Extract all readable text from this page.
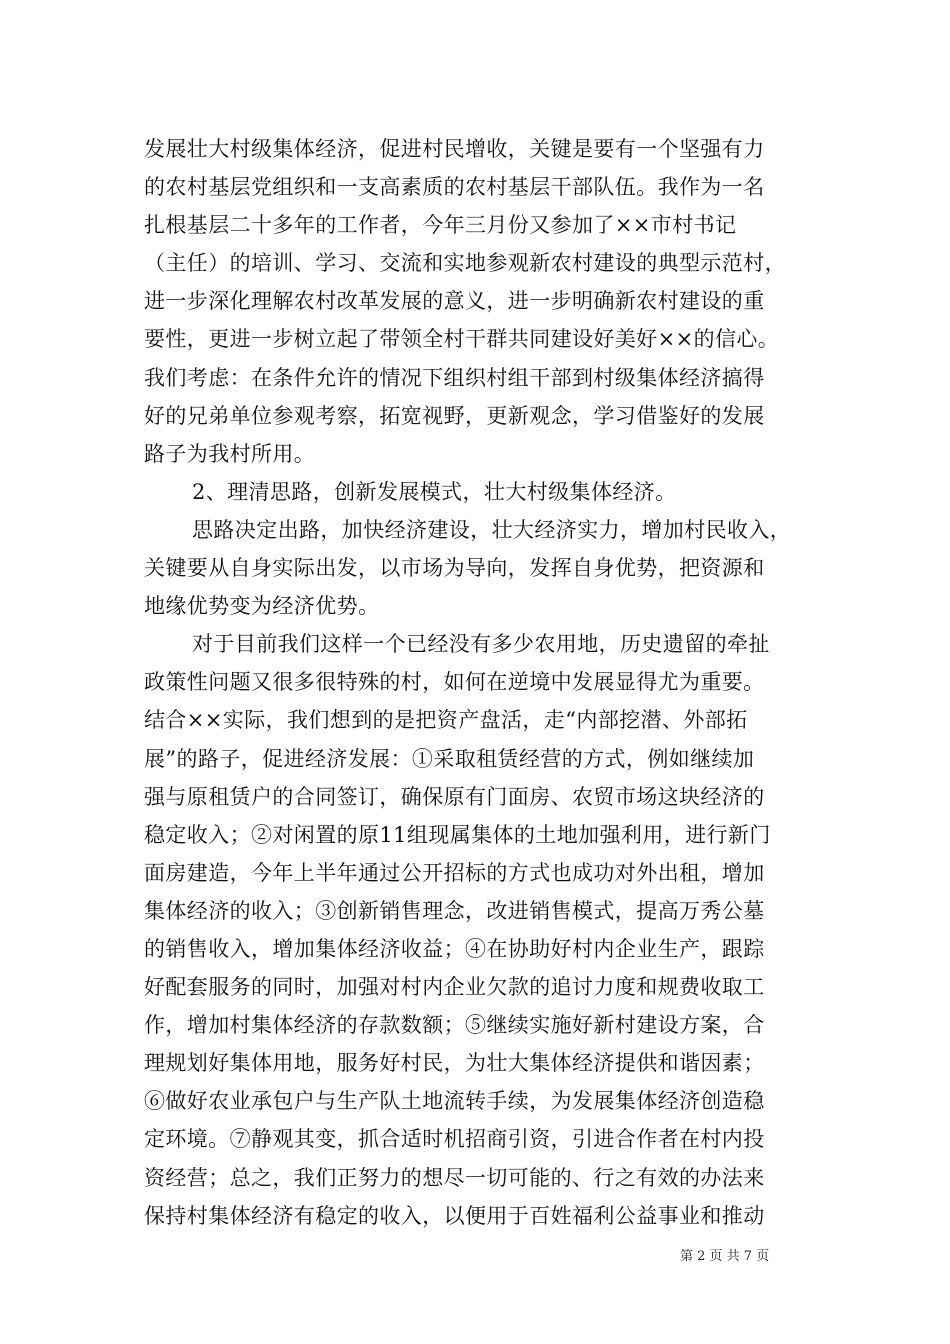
发展壮大村级集体经济，促进村民增收，关键是要有一个坚强有力
的农村基层党组织和一支高素质的农村基层干部队伍。我作为一名
扎根基层二十多年的工作者，今年三月份又参加了××市村书记
（主任）的培训、学习、交流和实地参观新农村建设的典型示范村，
进一步深化理解农村改革发展的意义，进一步明确新农村建设的重
要性，更进一步树立起了带领全村干群共同建设好美好××的信心。
我们考虑：在条件允许的情况下组织村组干部到村级集体经济搞得
好的兄弟单位参观考察，拓宽视野，更新观念，学习借鉴好的发展
路子为我村所用。
2、理清思路，创新发展模式，壮大村级集体经济。
思路决定出路，加快经济建设，壮大经济实力，增加村民收入，
关键要从自身实际出发，以市场为导向，发挥自身优势，把资源和
地缘优势变为经济优势。
对于目前我们这样一个已经没有多少农用地，历史遗留的牵扯
政策性问题又很多很特殊的村，如何在逆境中发展显得尤为重要。
结合××实际，我们想到的是把资产盘活，走“内部挖潜、外部拓
展”的路子，促进经济发展：①采取租赁经营的方式，例如继续加
强与原租赁户的合同签订，确保原有门面房、农贸市场这块经济的
稳定收入；②对闲置的原11组现属集体的土地加强利用，进行新门
面房建造，今年上半年通过公开招标的方式也成功对外出租，增加
集体经济的收入；③创新销售理念，改进销售模式，提高万秀公墓
的销售收入，增加集体经济收益；④在协助好村内企业生产，跟踪
好配套服务的同时，加强对村内企业欠款的追讨力度和规费收取工
作，增加村集体经济的存款数额；⑤继续实施好新村建设方案，合
理规划好集体用地，服务好村民，为壮大集体经济提供和谐因素；
⑥做好农业承包户与生产队土地流转手续，为发展集体经济创造稳
定环境。⑦静观其变，抓合适时机招商引资，引进合作者在村内投
资经营；总之，我们正努力的想尽一切可能的、行之有效的办法来
保持村集体经济有稳定的收入，以便用于百姓福利公益事业和推动
第 2 页 共 7 页
